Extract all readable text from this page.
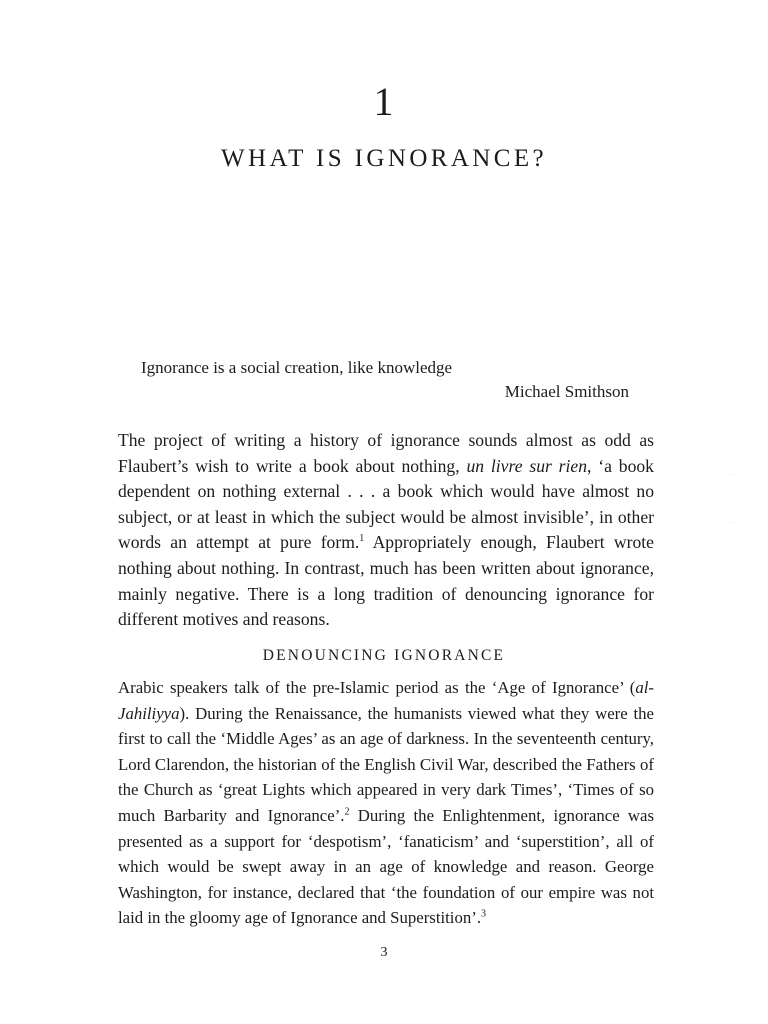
1
WHAT IS IGNORANCE?
Ignorance is a social creation, like knowledge
Michael Smithson

The project of writing a history of ignorance sounds almost as odd as Flaubert’s wish to write a book about nothing, un livre sur rien, ‘a book dependent on nothing external . . . a book which would have almost no subject, or at least in which the subject would be almost invisible’, in other words an attempt at pure form.$^1$ Appropriately enough, Flaubert wrote nothing about nothing. In contrast, much has been written about ignorance, mainly negative. There is a long tradition of denouncing ignorance for different motives and reasons.

DENOUNCING IGNORANCE

Arabic speakers talk of the pre-Islamic period as the ‘Age of Ignorance’ (al-Jahiliyya). During the Renaissance, the humanists viewed what they were the first to call the ‘Middle Ages’ as an age of darkness. In the seventeenth century, Lord Clarendon, the historian of the English Civil War, described the Fathers of the Church as ‘great Lights which appeared in very dark Times’, ‘Times of so much Barbarity and Ignorance’.$^2$ During the Enlightenment, ignorance was presented as a support for ‘despotism’, ‘fanaticism’ and ‘superstition’, all of which would be swept away in an age of knowledge and reason. George Washington, for instance, declared that ‘the foundation of our empire was not laid in the gloomy age of Ignorance and Superstition’.$^3$

3
· · ·
· · ·
